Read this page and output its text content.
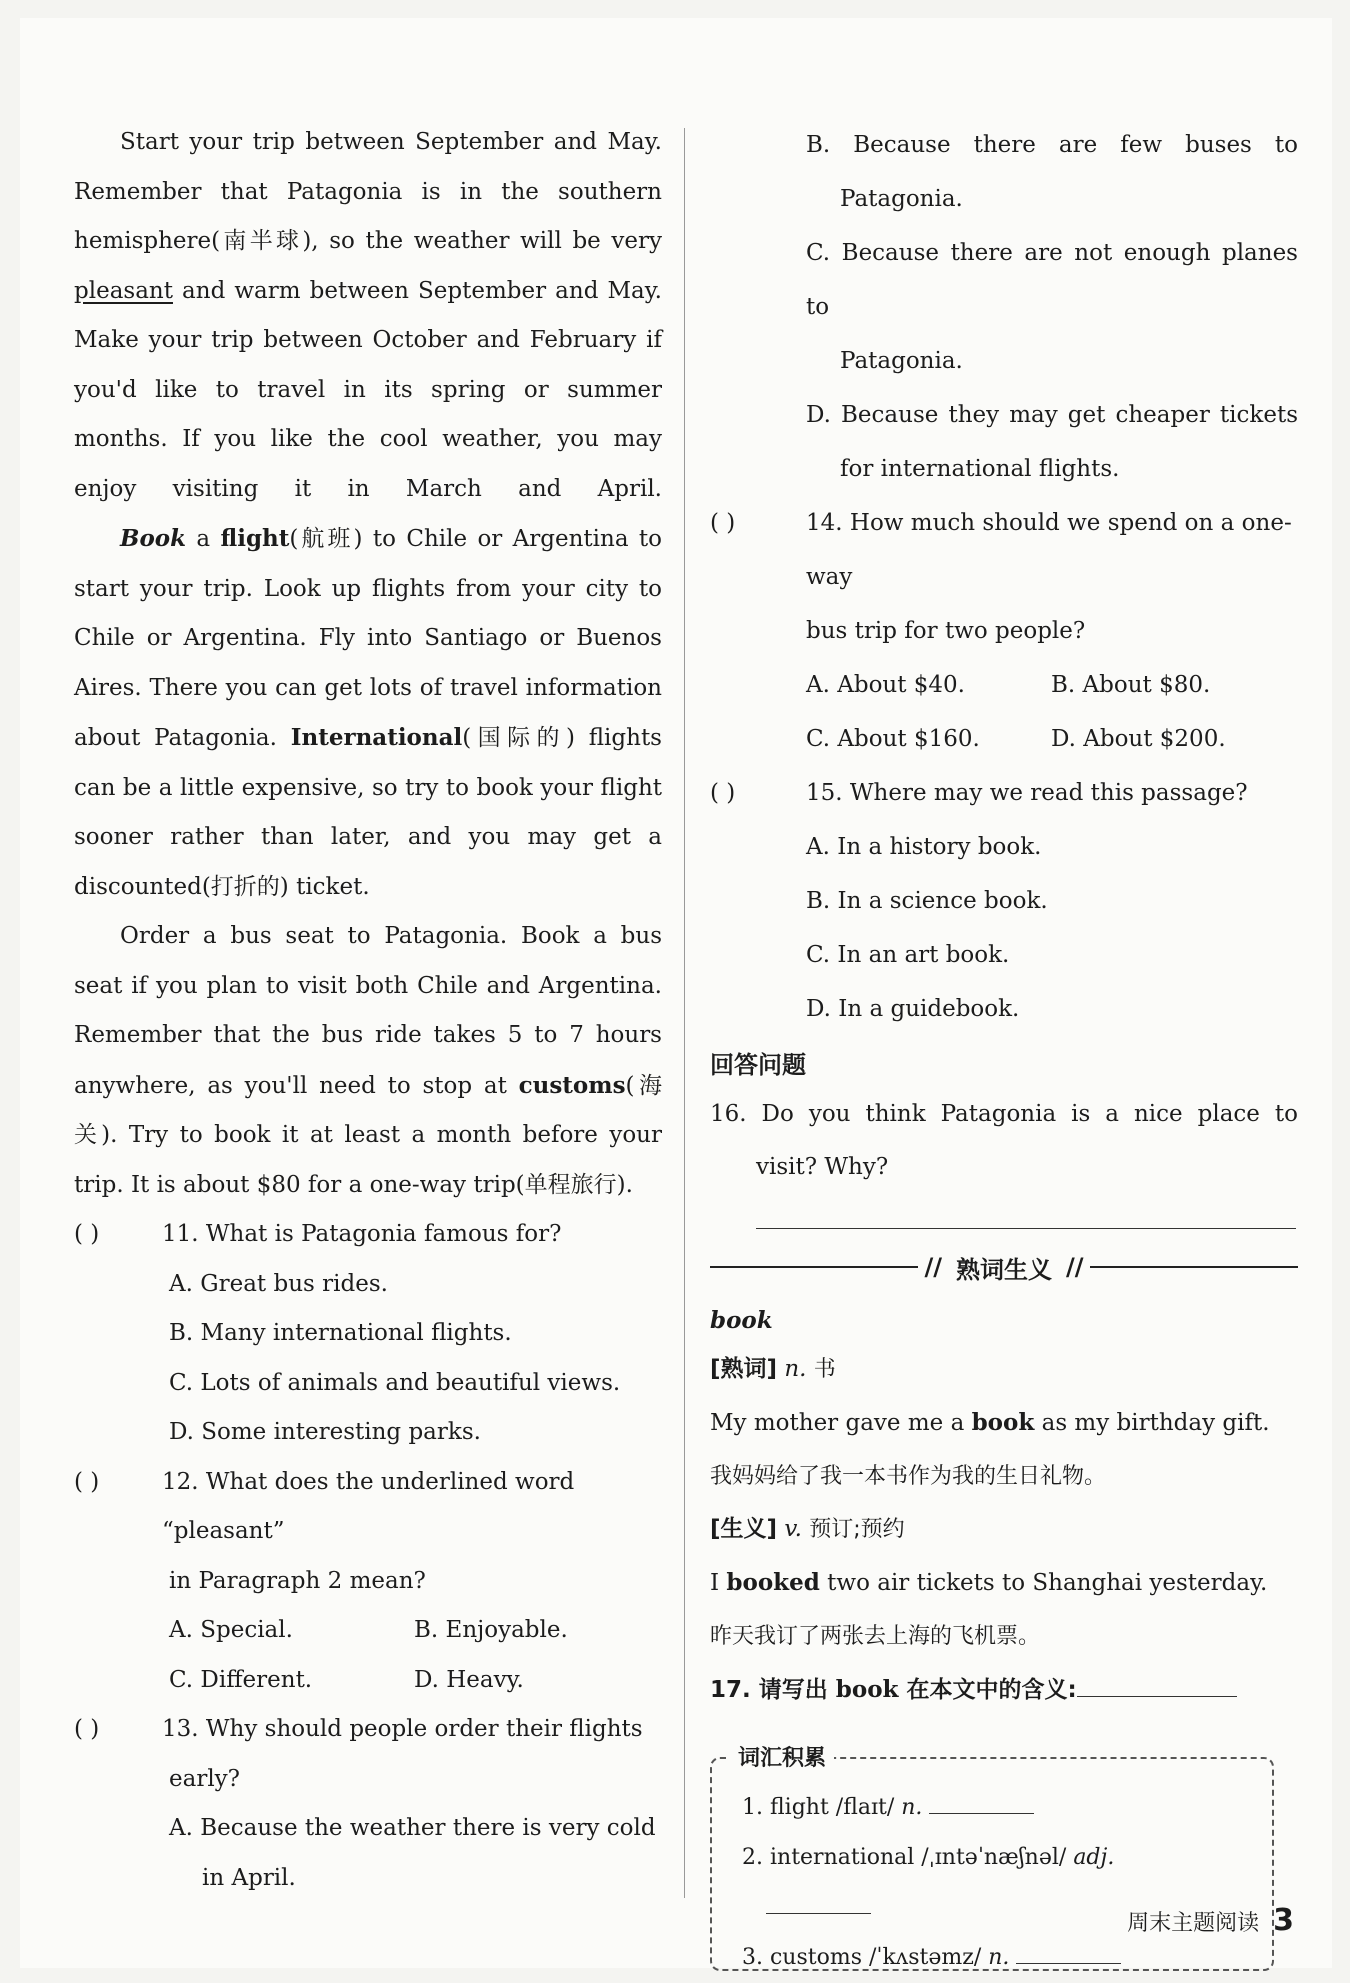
Start your trip between September and May. Remember that Patagonia is in the southern hemisphere(南半球), so the weather will be very pleasant and warm between September and May. Make your trip between October and February if you'd like to travel in its spring or summer months. If you like the cool weather, you may enjoy visiting it in March and April.

Book a flight(航班) to Chile or Argentina to start your trip. Look up flights from your city to Chile or Argentina. Fly into Santiago or Buenos Aires. There you can get lots of travel information about Patagonia. International(国际的) flights can be a little expensive, so try to book your flight sooner rather than later, and you may get a discounted(打折的) ticket.

Order a bus seat to Patagonia. Book a bus seat if you plan to visit both Chile and Argentina. Remember that the bus ride takes 5 to 7 hours anywhere, as you'll need to stop at customs(海关). Try to book it at least a month before your trip. It is about $80 for a one-way trip(单程旅行).

( )	11. What is Patagonia famous for?
A. Great bus rides.
B. Many international flights.
C. Lots of animals and beautiful views.
D. Some interesting parks.
( )	12. What does the underlined word “pleasant”
in Paragraph 2 mean?
A. Special.	B. Enjoyable.
C. Different.	D. Heavy.
( )	13. Why should people order their flights
early?
A. Because the weather there is very cold
in April.
B. Because there are few buses to
Patagonia.
C. Because there are not enough planes to
Patagonia.
D. Because they may get cheaper tickets
for international flights.
( )	14. How much should we spend on a one-way
bus trip for two people?
A. About $40.	B. About $80.
C. About $160.	D. About $200.
( )	15. Where may we read this passage?
A. In a history book.
B. In a science book.
C. In an art book.
D. In a guidebook.
回答问题
16. Do you think Patagonia is a nice place to
visit? Why?
// 熟词生义 //
book
[熟词] n. 书
My mother gave me a book as my birthday gift.
我妈妈给了我一本书作为我的生日礼物。
[生义] v. 预订;预约
I booked two air tickets to Shanghai yesterday.
昨天我订了两张去上海的飞机票。
17. 请写出 book 在本文中的含义:
词汇积累
1. flight /flaɪt/ n.
2. international /ˌɪntəˈnæʃnəl/ adj.
3. customs /ˈkʌstəmz/ n.
周末主题阅读 3
